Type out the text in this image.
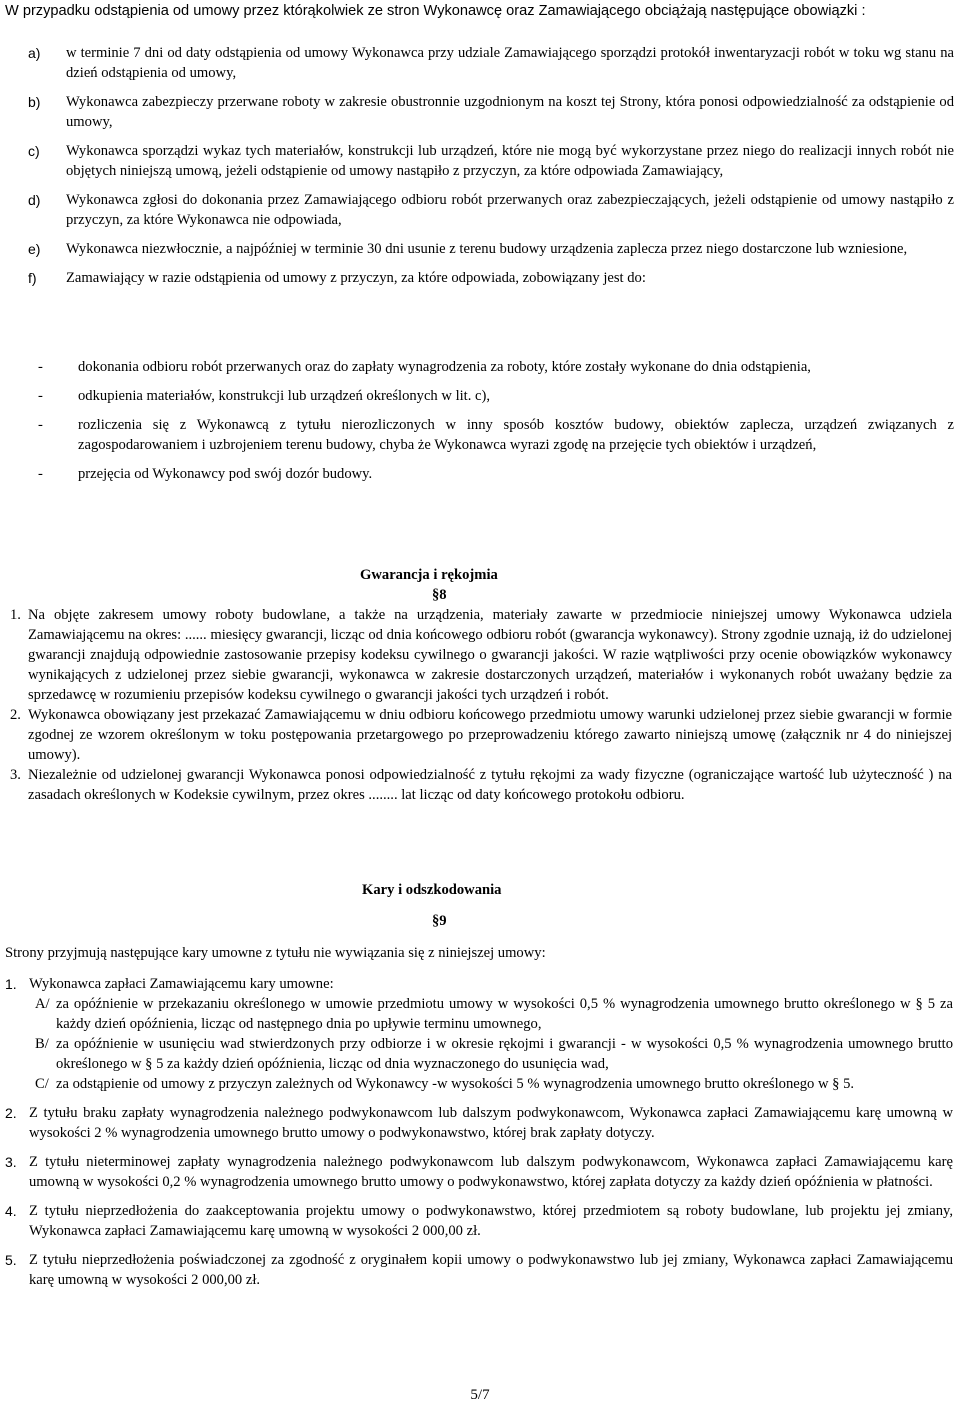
W przypadku odstąpienia od umowy przez którąkolwiek ze stron Wykonawcę oraz Zamawiającego obciążają następujące obowiązki :

a)	w terminie 7 dni od daty odstąpienia od umowy Wykonawca przy udziale Zamawiającego sporządzi protokół inwentaryzacji robót w toku wg stanu na dzień odstąpienia od umowy,
b)	Wykonawca zabezpieczy przerwane roboty w zakresie obustronnie uzgodnionym na koszt tej Strony, która ponosi odpowiedzialność za odstąpienie od umowy,
c)	Wykonawca sporządzi wykaz tych materiałów, konstrukcji lub urządzeń, które nie mogą być wykorzystane przez niego do realizacji innych robót nie objętych niniejszą umową, jeżeli odstąpienie od umowy nastąpiło z przyczyn, za które odpowiada Zamawiający,
d)	Wykonawca zgłosi do dokonania przez Zamawiającego odbioru robót przerwanych oraz zabezpieczających, jeżeli odstąpienie od umowy nastąpiło z przyczyn, za które Wykonawca nie odpowiada,
e)	Wykonawca niezwłocznie, a najpóźniej w terminie 30 dni usunie z terenu budowy urządzenia zaplecza przez niego dostarczone lub wzniesione,
f)	Zamawiający w razie odstąpienia od umowy z przyczyn, za które odpowiada, zobowiązany jest do:
-	dokonania odbioru robót przerwanych oraz do zapłaty wynagrodzenia za roboty, które zostały wykonane do dnia odstąpienia,
-	odkupienia materiałów, konstrukcji lub urządzeń określonych w lit. c),
-	rozliczenia się z Wykonawcą z tytułu nierozliczonych w inny sposób kosztów budowy, obiektów zaplecza, urządzeń związanych z zagospodarowaniem i uzbrojeniem terenu budowy, chyba że Wykonawca wyrazi zgodę na przejęcie tych obiektów i urządzeń,
-	przejęcia od Wykonawcy pod swój dozór budowy.
Gwarancja i rękojmia
§8
1. Na objęte zakresem umowy roboty budowlane, a także na urządzenia, materiały zawarte w przedmiocie niniejszej umowy Wykonawca udziela Zamawiającemu na okres: ...... miesięcy gwarancji, licząc od dnia końcowego odbioru robót (gwarancja wykonawcy). Strony zgodnie uznają, iż do udzielonej gwarancji znajdują odpowiednie zastosowanie przepisy kodeksu cywilnego o gwarancji jakości. W razie wątpliwości przy ocenie obowiązków wykonawcy wynikających z udzielonej przez siebie gwarancji, wykonawca w zakresie dostarczonych urządzeń, materiałów i wykonanych robót uważany będzie za sprzedawcę w rozumieniu przepisów kodeksu cywilnego o gwarancji jakości tych urządzeń i robót.
2. Wykonawca obowiązany jest przekazać Zamawiającemu w dniu odbioru końcowego przedmiotu umowy warunki udzielonej przez siebie gwarancji w formie zgodnej ze wzorem określonym w toku postępowania przetargowego po przeprowadzeniu którego zawarto niniejszą umowę (załącznik nr 4 do niniejszej umowy).
3. Niezależnie od udzielonej gwarancji Wykonawca ponosi odpowiedzialność z tytułu rękojmi za wady fizyczne (ograniczające wartość lub użyteczność ) na zasadach określonych w Kodeksie cywilnym, przez okres ........ lat licząc od daty końcowego protokołu odbioru.
Kary i odszkodowania
§9

Strony przyjmują następujące kary umowne z tytułu nie wywiązania się z niniejszej umowy:

1. Wykonawca zapłaci Zamawiającemu kary umowne:

A/ za opóźnienie w przekazaniu określonego w umowie przedmiotu umowy w wysokości 0,5 % wynagrodzenia umownego brutto określonego w § 5 za każdy dzień opóźnienia, licząc od następnego dnia po upływie terminu umownego,
B/ za opóźnienie w usunięciu wad stwierdzonych przy odbiorze i w okresie rękojmi i gwarancji - w wysokości 0,5 % wynagrodzenia umownego brutto określonego w § 5 za każdy dzień opóźnienia, licząc od dnia wyznaczonego do usunięcia wad,
C/ za odstąpienie od umowy z przyczyn zależnych od Wykonawcy -w wysokości 5 % wynagrodzenia umownego brutto określonego w § 5.
2. Z tytułu braku zapłaty wynagrodzenia należnego podwykonawcom lub dalszym podwykonawcom, Wykonawca zapłaci Zamawiającemu karę umowną w wysokości 2 % wynagrodzenia umownego brutto umowy o podwykonawstwo, której brak zapłaty dotyczy.
3. Z tytułu nieterminowej zapłaty wynagrodzenia należnego podwykonawcom lub dalszym podwykonawcom, Wykonawca zapłaci Zamawiającemu karę umowną w wysokości 0,2 % wynagrodzenia umownego brutto umowy o podwykonawstwo, której zapłata dotyczy za każdy dzień opóźnienia w płatności.
4. Z tytułu nieprzedłożenia do zaakceptowania projektu umowy o podwykonawstwo, której przedmiotem są roboty budowlane, lub projektu jej zmiany, Wykonawca zapłaci Zamawiającemu karę umowną w wysokości 2 000,00 zł.
5. Z tytułu nieprzedłożenia poświadczonej za zgodność z oryginałem kopii umowy o podwykonawstwo lub jej zmiany, Wykonawca zapłaci Zamawiającemu karę umowną w wysokości 2 000,00 zł.
5/7
